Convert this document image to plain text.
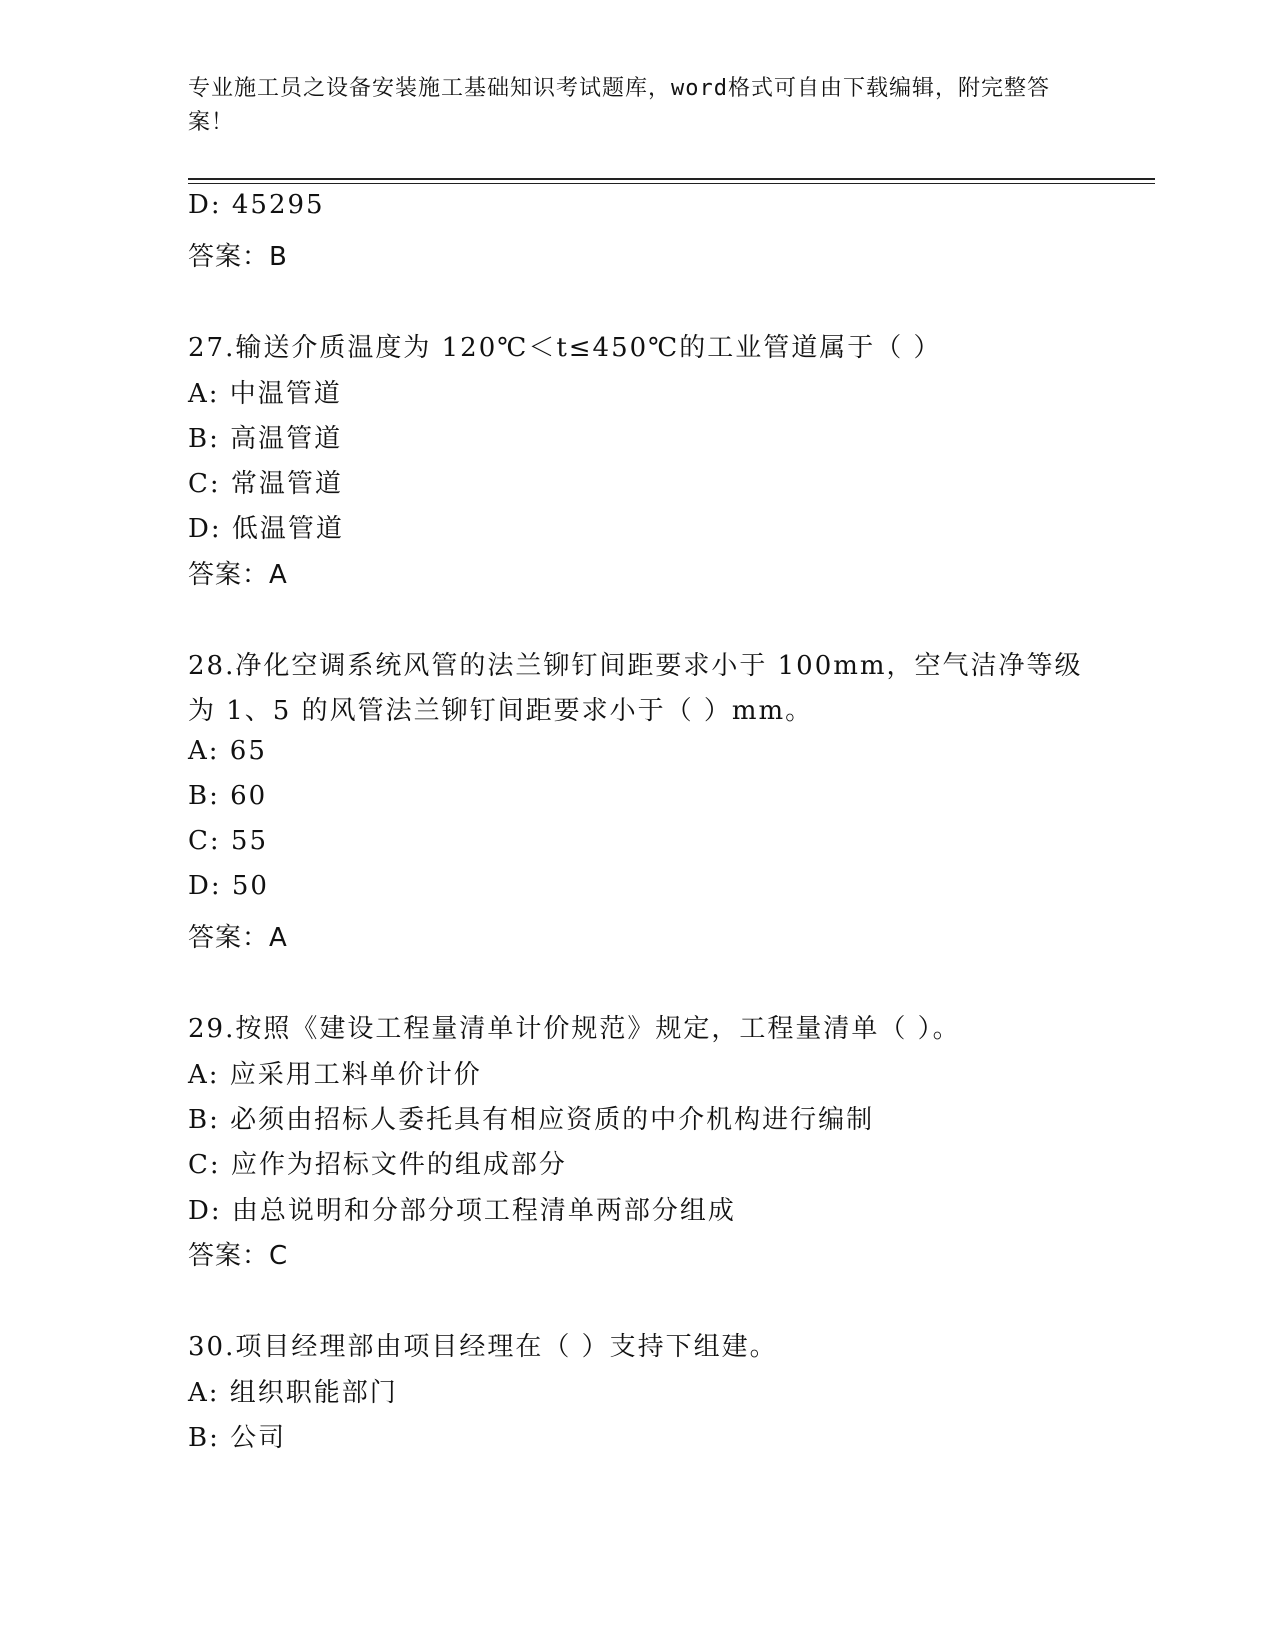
专业施工员之设备安装施工基础知识考试题库，word格式可自由下载编辑，附完整答案！
D: 45295
答案：B
27.输送介质温度为 120℃＜t≤450℃的工业管道属于（ ）
A: 中温管道
B: 高温管道
C: 常温管道
D: 低温管道
答案：A
28.净化空调系统风管的法兰铆钉间距要求小于 100mm，空气洁净等级
为 1、5 的风管法兰铆钉间距要求小于（ ）mm。
A: 65
B: 60
C: 55
D: 50
答案：A
29.按照《建设工程量清单计价规范》规定，工程量清单（ ）。
A: 应采用工料单价计价
B: 必须由招标人委托具有相应资质的中介机构进行编制
C: 应作为招标文件的组成部分
D: 由总说明和分部分项工程清单两部分组成
答案：C
30.项目经理部由项目经理在（ ）支持下组建。
A: 组织职能部门
B: 公司
